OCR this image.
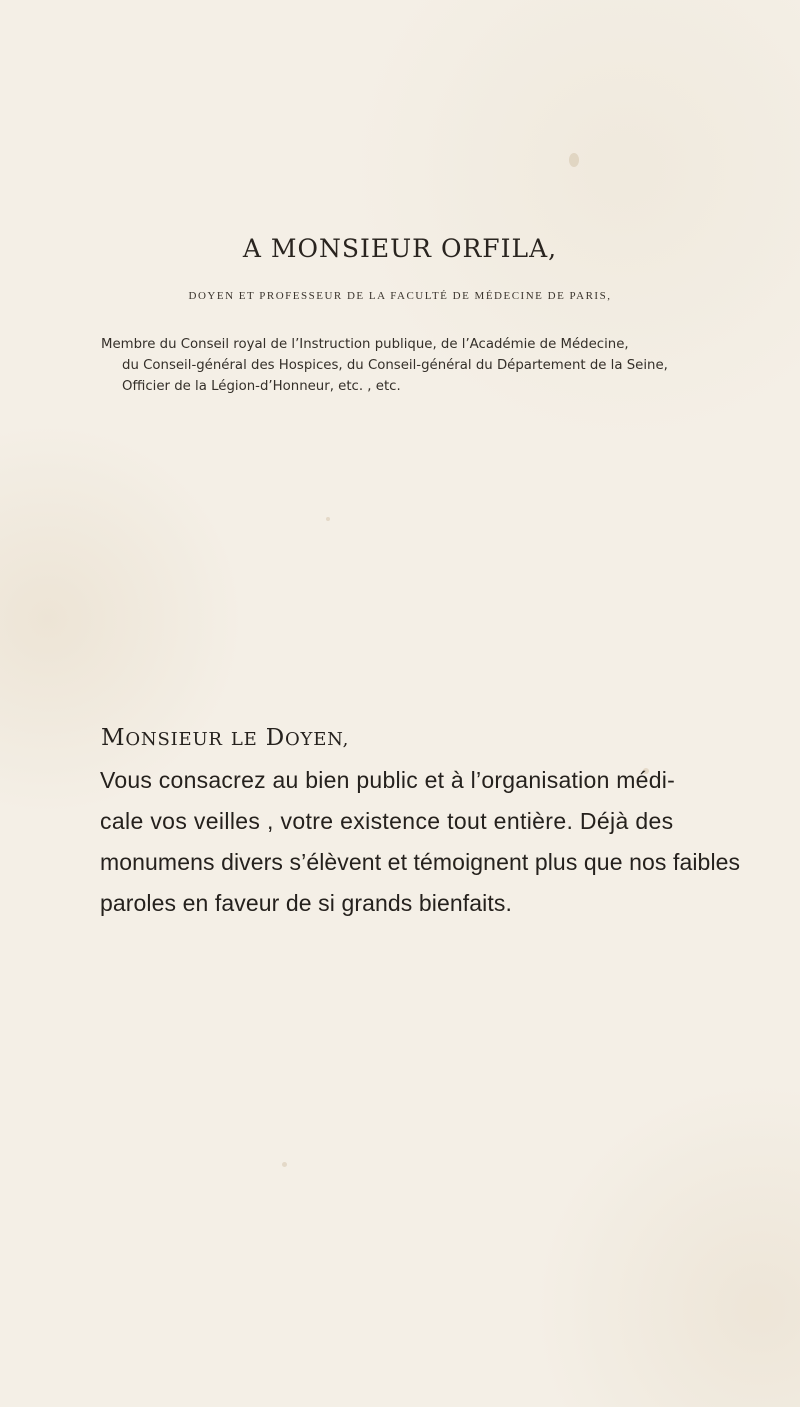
A MONSIEUR ORFILA,
DOYEN ET PROFESSEUR DE LA FACULTÉ DE MÉDECINE DE PARIS,
Membre du Conseil royal de l’Instruction publique, de l’Académie de Médecine,
du Conseil-général des Hospices, du Conseil-général du Département de la Seine,
Officier de la Légion-d’Honneur, etc. , etc.
MONSIEUR LE DOYEN,
Vous consacrez au bien public et à l’organisation médi-
cale vos veilles , votre existence tout entière. Déjà des
monumens divers s’élèvent et témoignent plus que nos faibles
paroles en faveur de si grands bienfaits.
